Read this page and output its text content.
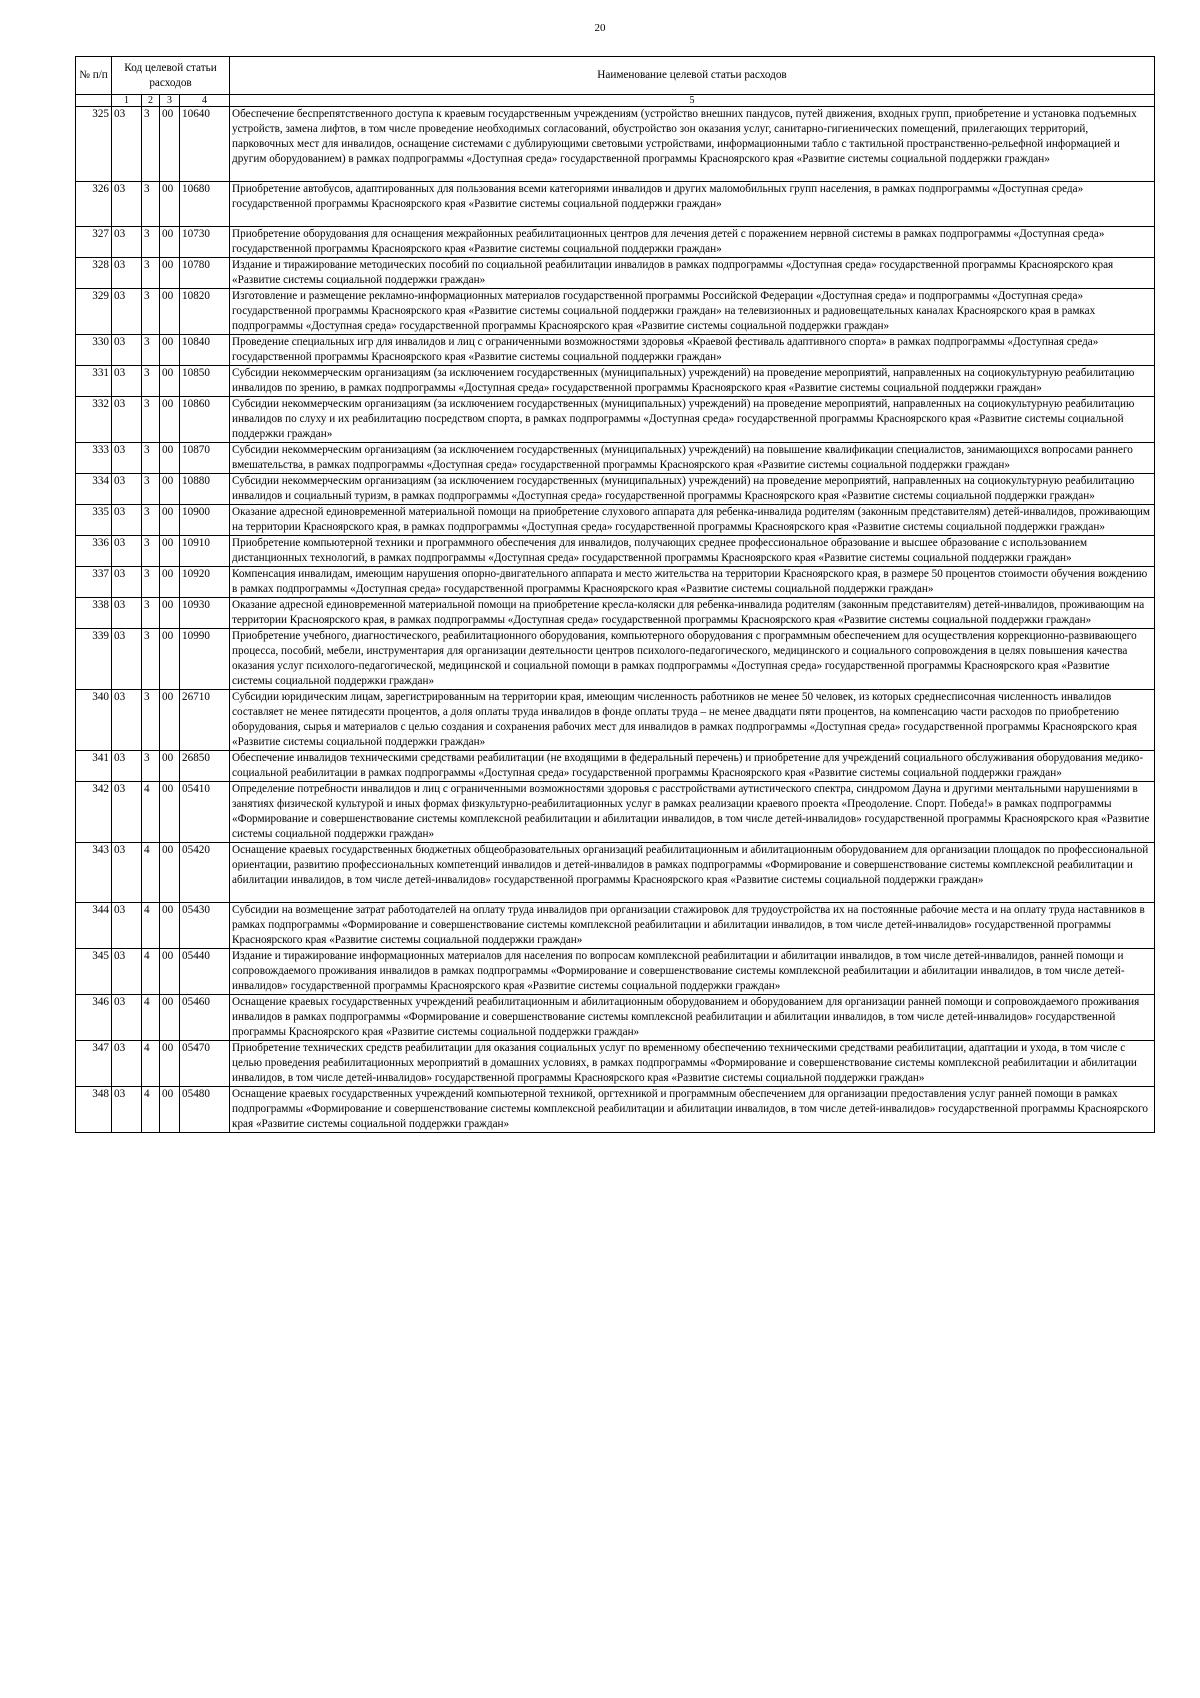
20
№ п/п	Код целевой статьи расходов				Наименование целевой статьи расходов
	1	2	3	4	5
325	03	3	00	10640	Обеспечение беспрепятственного доступа к краевым государственным учреждениям (устройство внешних пандусов, путей движения, входных групп, приобретение и установка подъемных устройств, замена лифтов, в том числе проведение необходимых согласований, обустройство зон оказания услуг, санитарно-гигиенических помещений, прилегающих территорий, парковочных мест для инвалидов, оснащение системами с дублирующими световыми устройствами, информационными табло с тактильной пространственно-рельефной информацией и другим оборудованием) в рамках подпрограммы «Доступная среда» государственной программы Красноярского края «Развитие системы социальной поддержки граждан»
326	03	3	00	10680	Приобретение автобусов, адаптированных для пользования всеми категориями инвалидов и других маломобильных групп населения, в рамках подпрограммы «Доступная среда» государственной программы Красноярского края «Развитие системы социальной поддержки граждан»
327	03	3	00	10730	Приобретение оборудования для оснащения межрайонных реабилитационных центров для лечения детей с поражением нервной системы в рамках подпрограммы «Доступная среда» государственной программы Красноярского края «Развитие системы социальной поддержки граждан»
328	03	3	00	10780	Издание и тиражирование методических пособий по социальной реабилитации инвалидов в рамках подпрограммы «Доступная среда» государственной программы Красноярского края «Развитие системы социальной поддержки граждан»
329	03	3	00	10820	Изготовление и размещение рекламно-информационных материалов государственной программы Российской Федерации «Доступная среда» и подпрограммы «Доступная среда» государственной программы Красноярского края «Развитие системы социальной поддержки граждан» на телевизионных и радиовещательных каналах Красноярского края в рамках подпрограммы «Доступная среда» государственной программы Красноярского края «Развитие системы социальной поддержки граждан»
330	03	3	00	10840	Проведение специальных игр для инвалидов и лиц с ограниченными возможностями здоровья «Краевой фестиваль адаптивного спорта» в рамках подпрограммы «Доступная среда» государственной программы Красноярского края «Развитие системы социальной поддержки граждан»
331	03	3	00	10850	Субсидии некоммерческим организациям (за исключением государственных (муниципальных) учреждений) на проведение мероприятий, направленных на социокультурную реабилитацию инвалидов по зрению, в рамках подпрограммы «Доступная среда» государственной программы Красноярского края «Развитие системы социальной поддержки граждан»
332	03	3	00	10860	Субсидии некоммерческим организациям (за исключением государственных (муниципальных) учреждений) на проведение мероприятий, направленных на социокультурную реабилитацию инвалидов по слуху и их реабилитацию посредством спорта, в рамках подпрограммы «Доступная среда» государственной программы Красноярского края «Развитие системы социальной поддержки граждан»
333	03	3	00	10870	Субсидии некоммерческим организациям (за исключением государственных (муниципальных) учреждений) на повышение квалификации специалистов, занимающихся вопросами раннего вмешательства, в рамках подпрограммы «Доступная среда» государственной программы Красноярского края «Развитие системы социальной поддержки граждан»
334	03	3	00	10880	Субсидии некоммерческим организациям (за исключением государственных (муниципальных) учреждений) на проведение мероприятий, направленных на социокультурную реабилитацию инвалидов и социальный туризм, в рамках подпрограммы «Доступная среда» государственной программы Красноярского края «Развитие системы социальной поддержки граждан»
335	03	3	00	10900	Оказание адресной единовременной материальной помощи на приобретение слухового аппарата для ребенка-инвалида родителям (законным представителям) детей-инвалидов, проживающим на территории Красноярского края, в рамках подпрограммы «Доступная среда» государственной программы Красноярского края «Развитие системы социальной поддержки граждан»
336	03	3	00	10910	Приобретение компьютерной техники и программного обеспечения для инвалидов, получающих среднее профессиональное образование и высшее образование с использованием дистанционных технологий, в рамках подпрограммы «Доступная среда» государственной программы Красноярского края «Развитие системы социальной поддержки граждан»
337	03	3	00	10920	Компенсация инвалидам, имеющим нарушения опорно-двигательного аппарата и место жительства на территории Красноярского края, в размере 50 процентов стоимости обучения вождению в рамках подпрограммы «Доступная среда» государственной программы Красноярского края «Развитие системы социальной поддержки граждан»
338	03	3	00	10930	Оказание адресной единовременной материальной помощи на приобретение кресла-коляски для ребенка-инвалида родителям (законным представителям) детей-инвалидов, проживающим на территории Красноярского края, в рамках подпрограммы «Доступная среда» государственной программы Красноярского края «Развитие системы социальной поддержки граждан»
339	03	3	00	10990	Приобретение учебного, диагностического, реабилитационного оборудования, компьютерного оборудования с программным обеспечением для осуществления коррекционно-развивающего процесса, пособий, мебели, инструментария для организации деятельности центров психолого-педагогического, медицинского и социального сопровождения в целях повышения качества оказания услуг психолого-педагогической, медицинской и социальной помощи в рамках подпрограммы «Доступная среда» государственной программы Красноярского края «Развитие системы социальной поддержки граждан»
340	03	3	00	26710	Субсидии юридическим лицам, зарегистрированным на территории края, имеющим численность работников не менее 50 человек, из которых среднесписочная численность инвалидов составляет не менее пятидесяти процентов, а доля оплаты труда инвалидов в фонде оплаты труда – не менее двадцати пяти процентов, на компенсацию части расходов по приобретению оборудования, сырья и материалов с целью создания и сохранения рабочих мест для инвалидов в рамках подпрограммы «Доступная среда» государственной программы Красноярского края «Развитие системы социальной поддержки граждан»
341	03	3	00	26850	Обеспечение инвалидов техническими средствами реабилитации (не входящими в федеральный перечень) и приобретение для учреждений социального обслуживания оборудования медико-социальной реабилитации в рамках подпрограммы «Доступная среда» государственной программы Красноярского края «Развитие системы социальной поддержки граждан»
342	03	4	00	05410	Определение потребности инвалидов и лиц с ограниченными возможностями здоровья с расстройствами аутистического спектра, синдромом Дауна и другими ментальными нарушениями в занятиях физической культурой и иных формах физкультурно-реабилитационных услуг в рамках реализации краевого проекта «Преодоление. Спорт. Победа!» в рамках подпрограммы «Формирование и совершенствование системы комплексной реабилитации и абилитации инвалидов, в том числе детей-инвалидов» государственной программы Красноярского края «Развитие системы социальной поддержки граждан»
343	03	4	00	05420	Оснащение краевых государственных бюджетных общеобразовательных организаций реабилитационным и абилитационным оборудованием для организации площадок по профессиональной ориентации, развитию профессиональных компетенций инвалидов и детей-инвалидов в рамках подпрограммы «Формирование и совершенствование системы комплексной реабилитации и абилитации инвалидов, в том числе детей-инвалидов» государственной программы Красноярского края «Развитие системы социальной поддержки граждан»
344	03	4	00	05430	Субсидии на возмещение затрат работодателей на оплату труда инвалидов при организации стажировок для трудоустройства их на постоянные рабочие места и на оплату труда наставников в рамках подпрограммы «Формирование и совершенствование системы комплексной реабилитации и абилитации инвалидов, в том числе детей-инвалидов» государственной программы Красноярского края «Развитие системы социальной поддержки граждан»
345	03	4	00	05440	Издание и тиражирование информационных материалов для населения по вопросам комплексной реабилитации и абилитации инвалидов, в том числе детей-инвалидов, ранней помощи и сопровождаемого проживания инвалидов в рамках подпрограммы «Формирование и совершенствование системы комплексной реабилитации и абилитации инвалидов, в том числе детей-инвалидов» государственной программы Красноярского края «Развитие системы социальной поддержки граждан»
346	03	4	00	05460	Оснащение краевых государственных учреждений реабилитационным и абилитационным оборудованием и оборудованием для организации ранней помощи и сопровождаемого проживания инвалидов в рамках подпрограммы «Формирование и совершенствование системы комплексной реабилитации и абилитации инвалидов, в том числе детей-инвалидов» государственной программы Красноярского края «Развитие системы социальной поддержки граждан»
347	03	4	00	05470	Приобретение технических средств реабилитации для оказания социальных услуг по временному обеспечению техническими средствами реабилитации, адаптации и ухода, в том числе с целью проведения реабилитационных мероприятий в домашних условиях, в рамках подпрограммы «Формирование и совершенствование системы комплексной реабилитации и абилитации инвалидов, в том числе детей-инвалидов» государственной программы Красноярского края «Развитие системы социальной поддержки граждан»
348	03	4	00	05480	Оснащение краевых государственных учреждений компьютерной техникой, оргтехникой и программным обеспечением для организации предоставления услуг ранней помощи в рамках подпрограммы «Формирование и совершенствование системы комплексной реабилитации и абилитации инвалидов, в том числе детей-инвалидов» государственной программы Красноярского края «Развитие системы социальной поддержки граждан»
